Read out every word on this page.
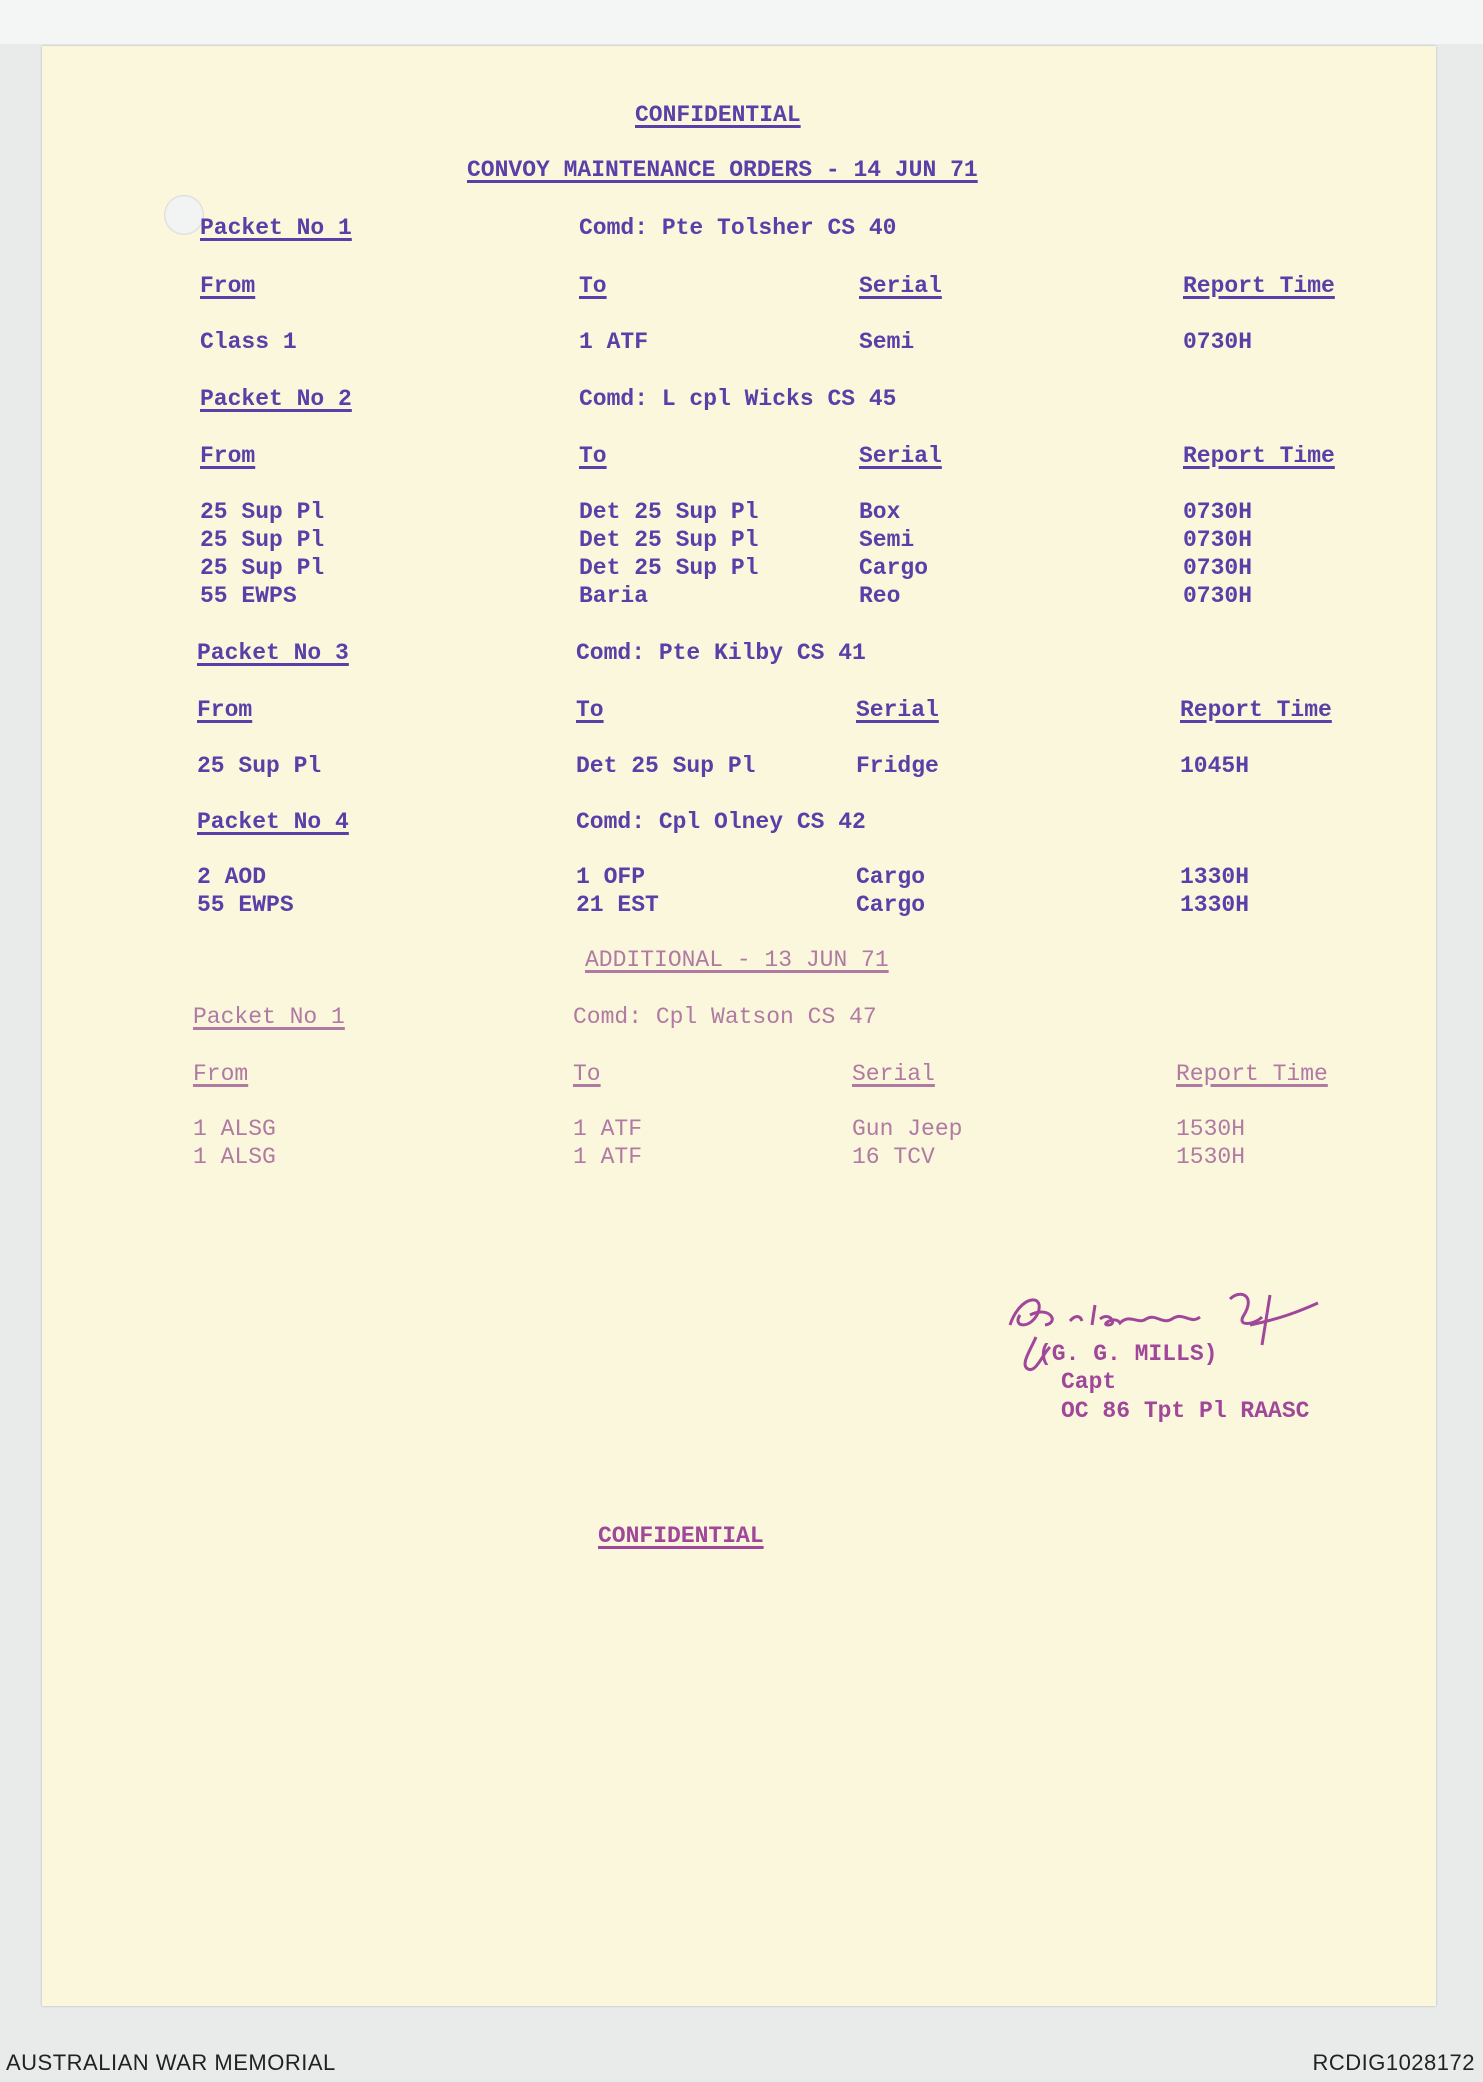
CONFIDENTIAL
CONVOY MAINTENANCE ORDERS - 14 JUN 71
Packet No 1	Comd: Pte Tolsher CS 40
From	To	Serial	Report Time
Class 1	1 ATF	Semi	0730H
Packet No 2	Comd: L cpl Wicks CS 45
From	To	Serial	Report Time
25 Sup Pl	Det 25 Sup Pl	Box	0730H
25 Sup Pl	Det 25 Sup Pl	Semi	0730H
25 Sup Pl	Det 25 Sup Pl	Cargo	0730H
55 EWPS	Baria	Reo	0730H
Packet No 3	Comd: Pte Kilby CS 41
From	To	Serial	Report Time
25 Sup Pl	Det 25 Sup Pl	Fridge	1045H
Packet No 4	Comd: Cpl Olney CS 42
2 AOD	1 OFP	Cargo	1330H
55 EWPS	21 EST	Cargo	1330H
ADDITIONAL - 13 JUN 71
Packet No 1	Comd: Cpl Watson CS 47
From	To	Serial	Report Time
1 ALSG	1 ATF	Gun Jeep	1530H
1 ALSG	1 ATF	16 TCV	1530H
(G. G. MILLS)
Capt
OC 86 Tpt Pl RAASC
CONFIDENTIAL
AUSTRALIAN WAR MEMORIAL	RCDIG1028172
